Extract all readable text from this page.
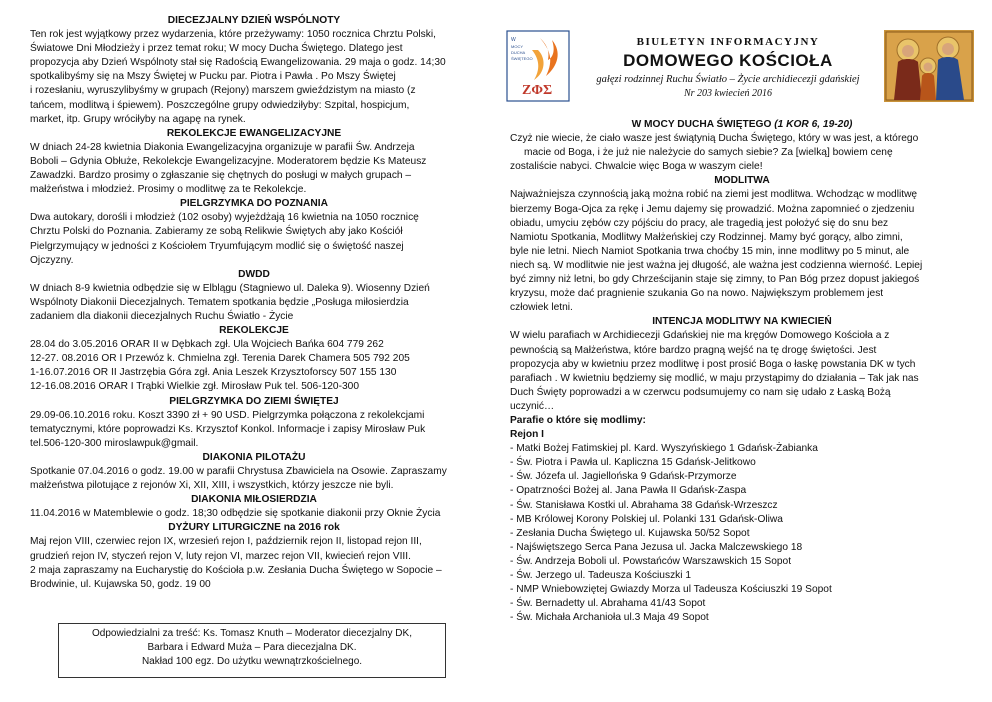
DIECEZJALNY DZIEŃ WSPÓLNOTY
Ten rok jest wyjątkowy przez wydarzenia, które przeżywamy: 1050 rocznica Chrztu Polski,
Światowe Dni Młodzieży i przez temat roku; W mocy Ducha Świętego. Dlatego jest
propozycja aby Dzień Wspólnoty stał się Radością Ewangelizowania. 29 maja o godz. 14;30
spotkalibyśmy się na Mszy Świętej w Pucku par. Piotra i Pawła . Po Mszy Świętej
i rozesłaniu, wyruszylibyśmy w grupach (Rejony) marszem gwieździstym na miasto (z
tańcem, modlitwą i śpiewem). Poszczególne grupy odwiedziłyby: Szpital, hospicjum,
market, itp. Grupy wróciłyby na agapę na rynek.
REKOLEKCJE EWANGELIZACYJNE
W dniach 24-28 kwietnia Diakonia Ewangelizacyjna organizuje w parafii Św. Andrzeja
Boboli – Gdynia Obłuże, Rekolekcje Ewangelizacyjne. Moderatorem będzie Ks Mateusz
Zawadzki. Bardzo prosimy o zgłaszanie się chętnych do posługi w małych grupach –
małżeństwa i młodzież. Prosimy o modlitwę za te Rekolekcje.
PIELGRZYMKA DO POZNANIA
Dwa autokary, dorośli i młodzież (102 osoby) wyjeżdżają 16 kwietnia na 1050 rocznicę
Chrztu Polski do Poznania. Zabieramy ze sobą Relikwie Świętych aby jako Kościół
Pielgrzymujący w jedności z Kościołem Tryumfującym modlić się o świętość naszej
Ojczyzny.
DWDD
W dniach 8-9 kwietnia odbędzie się w Elblągu (Stagniewo ul. Daleka 9). Wiosenny Dzień
Wspólnoty Diakonii Diecezjalnych. Tematem spotkania będzie „Posługa miłosierdzia
zadaniem dla diakonii diecezjalnych Ruchu Światło - Życie
REKOLEKCJE
28.04 do 3.05.2016 ORAR II w Dębkach zgł. Ula Wojciech Bańka 604 779 262
12-27. 08.2016 OR I Przewóz k. Chmielna zgł. Terenia Darek Chamera 505 792 205
1-16.07.2016 OR II Jastrzębia Góra zgł. Ania Leszek Krzysztoforscy 507 155 130
12-16.08.2016 ORAR I Trąbki Wielkie zgł. Mirosław Puk tel. 506-120-300
PIELGRZYMKA DO ZIEMI ŚWIĘTEJ
29.09-06.10.2016 roku. Koszt 3390 zł + 90 USD. Pielgrzymka połączona z rekolekcjami
tematycznymi, które poprowadzi Ks. Krzysztof Konkol. Informacje i zapisy Mirosław Puk
tel.506-120-300 miroslawpuk@gmail.
DIAKONIA PILOTAŻU
Spotkanie 07.04.2016 o godz. 19.00 w parafii Chrystusa Zbawiciela na Osowie. Zapraszamy
małżeństwa pilotujące z rejonów Xi, XII, XIII, i wszystkich, którzy jeszcze nie byli.
DIAKONIA MIŁOSIERDZIA
11.04.2016 w Matemblewie o godz. 18;30 odbędzie się spotkanie diakonii przy Oknie Życia
DYŻURY LITURGICZNE na 2016 rok
Maj rejon VIII, czerwiec rejon IX, wrzesień rejon I, październik rejon II, listopad rejon III,
grudzień rejon IV, styczeń rejon V, luty rejon VI, marzec rejon VII, kwiecień rejon VIII.
2 maja zapraszamy na Eucharystię do Kościoła p.w. Zesłania Ducha Świętego w Sopocie –
Brodwinie, ul. Kujawska 50, godz. 19 00
Odpowiedzialni za treść: Ks. Tomasz Knuth – Moderator diecezjalny DK,
Barbara i Edward Muża – Para diecezjalna DK.
Nakład 100 egz. Do użytku wewnątrzkościelnego.
W
MOCY
DUCHA
ŚWIĘTEGO
ZΦΣ
BIULETYN INFORMACYJNY
DOMOWEGO KOŚCIOŁA
gałęzi rodzinnej Ruchu Światło – Życie archidiecezji gdańskiej
Nr 203 kwiecień 2016
W MOCY DUCHA ŚWIĘTEGO (1 KOR 6, 19-20)
Czyż nie wiecie, że ciało wasze jest świątynią Ducha Świętego, który w was jest, a którego
macie od Boga, i że już nie należycie do samych siebie? Za [wielką] bowiem cenę
zostaliście nabyci. Chwalcie więc Boga w waszym ciele!
MODLITWA
Najważniejsza czynnością jaką można robić na ziemi jest modlitwa. Wchodząc w modlitwę
bierzemy Boga-Ojca za rękę i Jemu dajemy się prowadzić. Można zapomnieć o zjedzeniu
obiadu, umyciu zębów czy pójściu do pracy, ale tragedią jest położyć się do snu bez
Namiotu Spotkania, Modlitwy Małżeńskiej czy Rodzinnej. Mamy być gorący, albo zimni,
byle nie letni. Niech Namiot Spotkania trwa choćby 15 min, inne modlitwy po 5 minut, ale
niech są. W modlitwie nie jest ważna jej długość, ale ważna jest codzienna wierność. Lepiej
być zimny niż letni, bo gdy Chrześcijanin staje się zimny, to Pan Bóg przez dopust jakiegoś
kryzysu, może dać pragnienie szukania Go na nowo. Największym problemem jest
człowiek letni.
INTENCJA MODLITWY NA KWIECIEŃ
W wielu parafiach w Archidiecezji Gdańskiej nie ma kręgów Domowego Kościoła a z
pewnością są Małżeństwa, które bardzo pragną wejść na tę drogę świętości. Jest
propozycja aby w kwietniu przez modlitwę i post prosić Boga o łaskę powstania DK w tych
parafiach . W kwietniu będziemy się modlić, w maju przystąpimy do działania – Tak jak nas
Duch Święty poprowadzi a w czerwcu podsumujemy co nam się udało z Łaską Bożą
uczynić…
Parafie o które się modlimy:
Rejon I
- Matki Bożej Fatimskiej pl. Kard. Wyszyńskiego 1 Gdańsk-Żabianka
- Św. Piotra i Pawła ul. Kapliczna 15 Gdańsk-Jelitkowo
- Św. Józefa ul. Jagiellońska 9 Gdańsk-Przymorze
- Opatrzności Bożej al. Jana Pawła II Gdańsk-Zaspa
- Św. Stanisława Kostki ul. Abrahama 38 Gdańsk-Wrzeszcz
- MB Królowej Korony Polskiej ul. Polanki 131 Gdańsk-Oliwa
- Zesłania Ducha Świętego ul. Kujawska 50/52 Sopot
- Najświętszego Serca Pana Jezusa ul. Jacka Malczewskiego 18
- Św. Andrzeja Boboli ul. Powstańców Warszawskich 15 Sopot
- Św. Jerzego ul. Tadeusza Kościuszki 1
- NMP Wniebowziętej Gwiazdy Morza ul Tadeusza Kościuszki 19 Sopot
- Św. Bernadetty ul. Abrahama 41/43 Sopot
- Św. Michała Archanioła ul.3 Maja 49 Sopot
